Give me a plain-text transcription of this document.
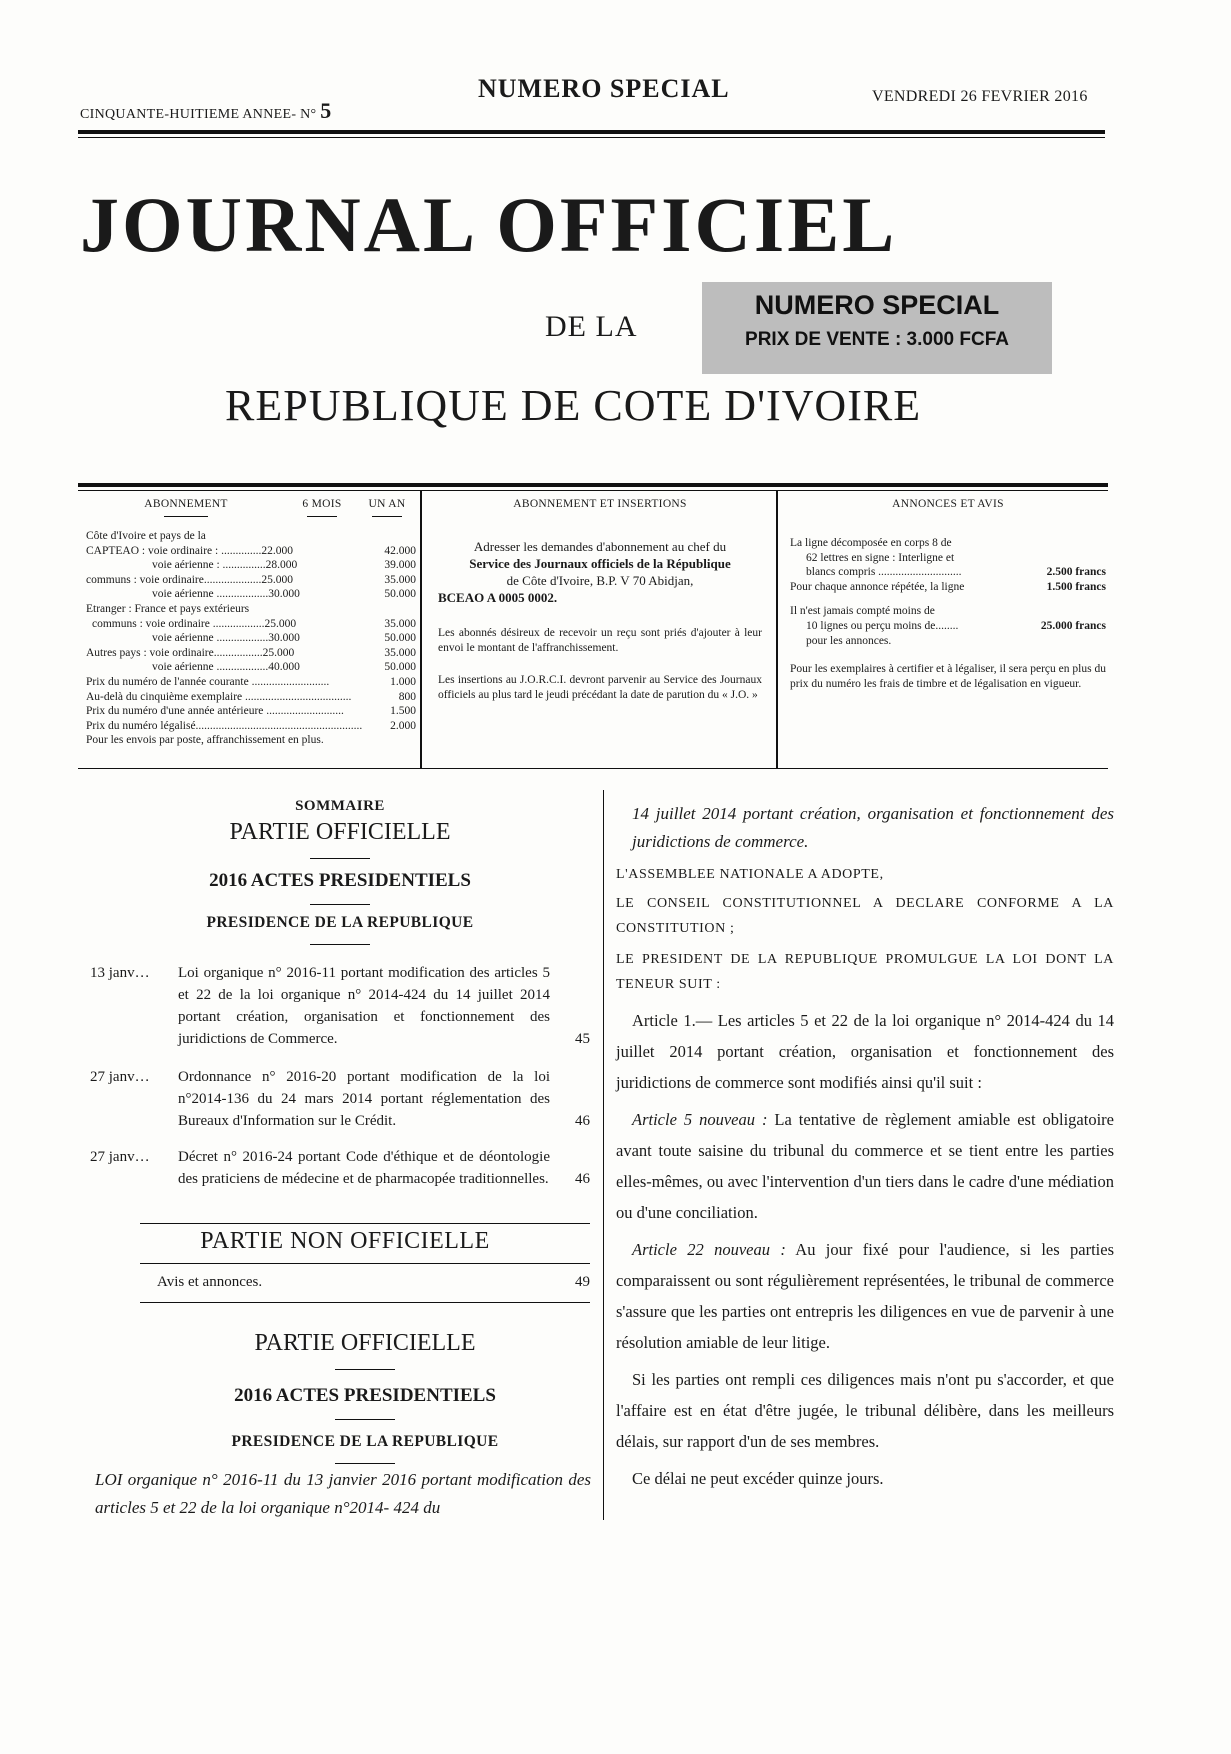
CINQUANTE-HUITIEME ANNEE- N° 5
NUMERO SPECIAL	VENDREDI 26 FEVRIER 2016
JOURNAL OFFICIEL
DE LA
NUMERO SPECIAL
PRIX DE VENTE : 3.000 FCFA
REPUBLIQUE DE COTE D'IVOIRE
ABONNEMENT	6 MOIS	UN AN
Côte d'Ivoire et pays de la
CAPTEAO : voie ordinaire : ..............22.000	42.000
voie aérienne : ...............28.000	39.000
communs : voie ordinaire....................25.000	35.000
voie aérienne ..................30.000	50.000
Etranger : France et pays extérieurs
communs : voie ordinaire ..................25.000	35.000
voie aérienne ..................30.000	50.000
Autres pays : voie ordinaire.................25.000	35.000
voie aérienne ..................40.000	50.000
Prix du numéro de l'année courante ...........................	1.000
Au-delà du cinquième exemplaire .....................................	800
Prix du numéro d'une année antérieure ...........................	1.500
Prix du numéro légalisé.......................................................... 2.000
Pour les envois par poste, affranchissement en plus.
ABONNEMENT ET INSERTIONS
Adresser les demandes d'abonnement au chef du
Service des Journaux officiels de la République
de Côte d'Ivoire, B.P. V 70 Abidjan,
BCEAO A 0005 0002.
Les abonnés désireux de recevoir un reçu sont priés d'ajouter à leur envoi le montant de l'affranchissement.
Les insertions au J.O.R.C.I. devront parvenir au Service des Journaux officiels au plus tard le jeudi précédant la date de parution du « J.O. »
ANNONCES ET AVIS
La ligne décomposée en corps 8 de
62 lettres en signe : Interligne et
blancs compris .............................	2.500 francs
Pour chaque annonce répétée, la ligne	1.500 francs
Il n'est jamais compté moins de
10 lignes ou perçu moins de........	25.000 francs
pour les annonces.
Pour les exemplaires à certifier et à légaliser, il sera perçu en plus du prix du numéro les frais de timbre et de légalisation en vigueur.
SOMMAIRE
PARTIE OFFICIELLE
2016 ACTES PRESIDENTIELS
PRESIDENCE DE LA REPUBLIQUE
13 janv…	Loi organique n° 2016-11 portant modification des articles 5 et 22 de la loi organique n° 2014-424 du 14 juillet 2014 portant création, organisation et fonctionnement des juridictions de Commerce.	45
27 janv…	Ordonnance n° 2016-20 portant modification de la loi n°2014-136 du 24 mars 2014 portant réglementation des Bureaux d'Information sur le Crédit.	46
27 janv…	Décret n° 2016-24 portant Code d'éthique et de déontologie des praticiens de médecine et de pharmacopée traditionnelles.	46
PARTIE NON OFFICIELLE
Avis et annonces.	49
PARTIE OFFICIELLE
2016 ACTES PRESIDENTIELS
PRESIDENCE DE LA REPUBLIQUE
LOI organique n° 2016-11 du 13 janvier 2016 portant modification des articles 5 et 22 de la loi organique n°2014- 424 du
14 juillet 2014 portant création, organisation et fonctionnement des juridictions de commerce.
L'ASSEMBLEE NATIONALE A ADOPTE,
LE CONSEIL CONSTITUTIONNEL A DECLARE CONFORME A LA CONSTITUTION ;
LE PRESIDENT DE LA REPUBLIQUE PROMULGUE LA LOI DONT LA TENEUR SUIT :
Article 1.— Les articles 5 et 22 de la loi organique n° 2014-424 du 14 juillet 2014 portant création, organisation et fonctionnement des juridictions de commerce sont modifiés ainsi qu'il suit :
Article 5 nouveau : La tentative de règlement amiable est obligatoire avant toute saisine du tribunal du commerce et se tient entre les parties elles-mêmes, ou avec l'intervention d'un tiers dans le cadre d'une médiation ou d'une conciliation.
Article 22 nouveau : Au jour fixé pour l'audience, si les parties comparaissent ou sont régulièrement représentées, le tribunal de commerce s'assure que les parties ont entrepris les diligences en vue de parvenir à une résolution amiable de leur litige.
Si les parties ont rempli ces diligences mais n'ont pu s'accorder, et que l'affaire est en état d'être jugée, le tribunal délibère, dans les meilleurs délais, sur rapport d'un de ses membres.
Ce délai ne peut excéder quinze jours.
